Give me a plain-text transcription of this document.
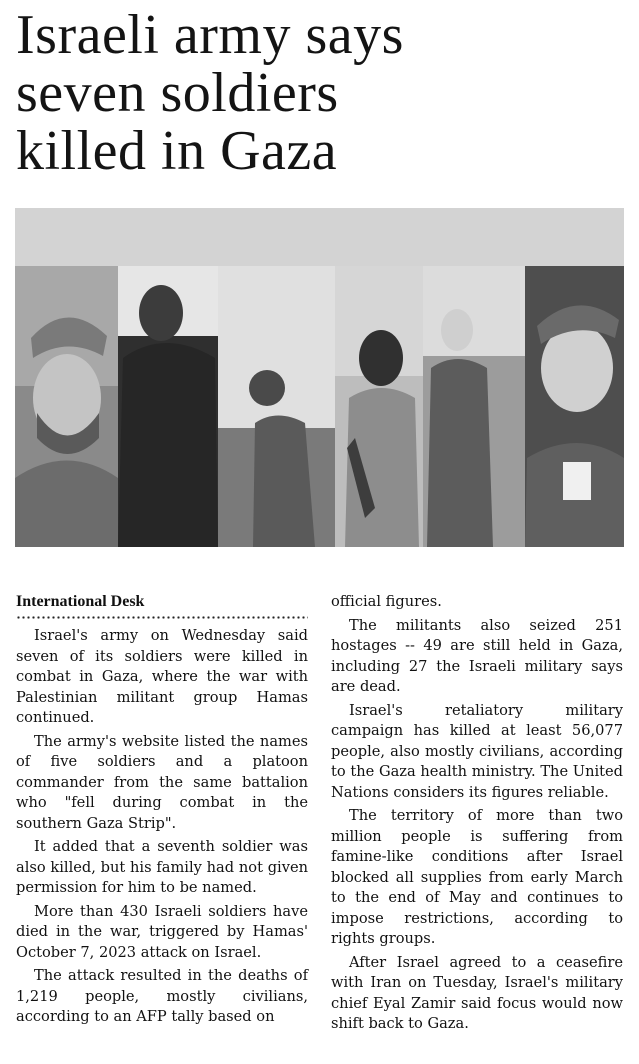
Israeli army says
seven soldiers
killed in Gaza

International Desk

Israel's army on Wednesday said seven of its soldiers were killed in combat in Gaza, where the war with Palestinian militant group Hamas continued.

The army's website listed the names of five soldiers and a platoon commander from the same battalion who "fell during combat in the southern Gaza Strip".

It added that a seventh soldier was also killed, but his family had not given permission for him to be named.

More than 430 Israeli soldiers have died in the war, triggered by Hamas' October 7, 2023 attack on Israel.

The attack resulted in the deaths of 1,219 people, mostly civilians, according to an AFP tally based on

official figures.

The militants also seized 251 hostages -- 49 are still held in Gaza, including 27 the Israeli military says are dead.

Israel's retaliatory military campaign has killed at least 56,077 people, also mostly civilians, according to the Gaza health ministry. The United Nations considers its figures reliable.

The territory of more than two million people is suffering from famine-like conditions after Israel blocked all supplies from early March to the end of May and continues to impose restrictions, according to rights groups.

After Israel agreed to a ceasefire with Iran on Tuesday, Israel's military chief Eyal Zamir said focus would now shift back to Gaza.
